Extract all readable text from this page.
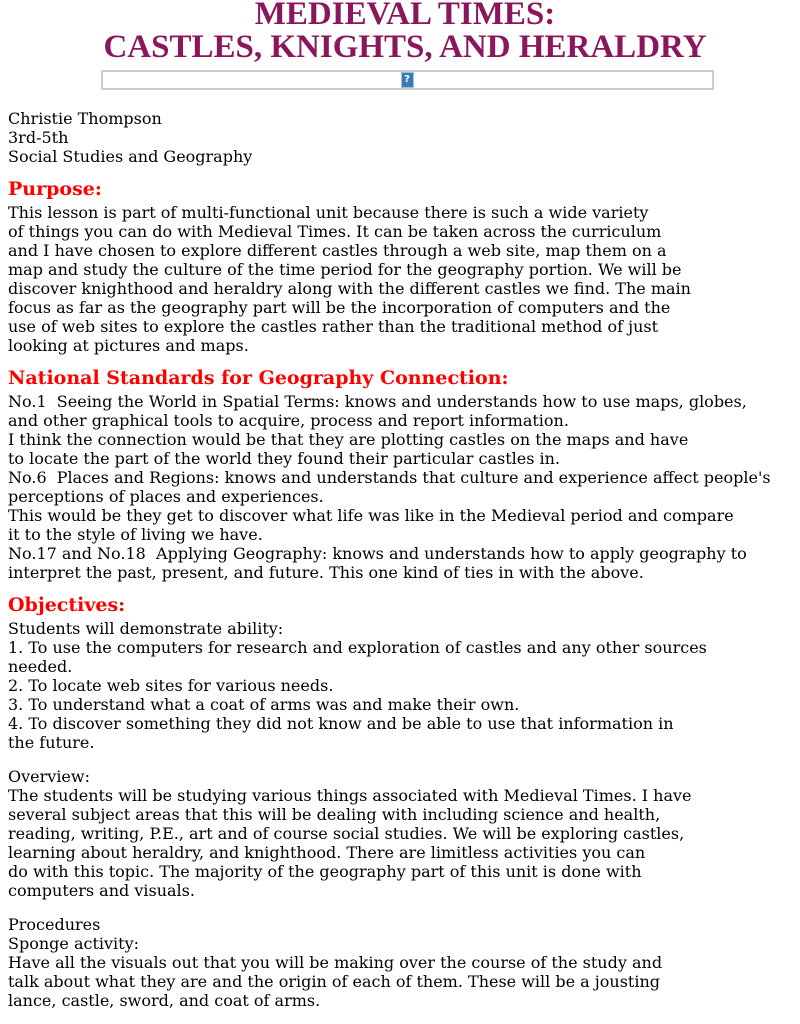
MEDIEVAL TIMES:
CASTLES, KNIGHTS, AND HERALDRY
?

Christie Thompson
3rd-5th
Social Studies and Geography

Purpose:

This lesson is part of multi-functional unit because there is such a wide variety
of things you can do with Medieval Times. It can be taken across the curriculum
and I have chosen to explore different castles through a web site, map them on a
map and study the culture of the time period for the geography portion. We will be
discover knighthood and heraldry along with the different castles we find. The main
focus as far as the geography part will be the incorporation of computers and the
use of web sites to explore the castles rather than the traditional method of just
looking at pictures and maps.

National Standards for Geography Connection:

No.1  Seeing the World in Spatial Terms: knows and understands how to use maps, globes,
and other graphical tools to acquire, process and report information.
I think the connection would be that they are plotting castles on the maps and have
to locate the part of the world they found their particular castles in.
No.6  Places and Regions: knows and understands that culture and experience affect people's
perceptions of places and experiences.
This would be they get to discover what life was like in the Medieval period and compare
it to the style of living we have.
No.17 and No.18  Applying Geography: knows and understands how to apply geography to
interpret the past, present, and future. This one kind of ties in with the above.

Objectives:

Students will demonstrate ability:
1. To use the computers for research and exploration of castles and any other sources
needed.
2. To locate web sites for various needs.
3. To understand what a coat of arms was and make their own.
4. To discover something they did not know and be able to use that information in
the future.

Overview:
The students will be studying various things associated with Medieval Times. I have
several subject areas that this will be dealing with including science and health,
reading, writing, P.E., art and of course social studies. We will be exploring castles,
learning about heraldry, and knighthood. There are limitless activities you can
do with this topic. The majority of the geography part of this unit is done with
computers and visuals.

Procedures
Sponge activity:
Have all the visuals out that you will be making over the course of the study and
talk about what they are and the origin of each of them. These will be a jousting
lance, castle, sword, and coat of arms.
